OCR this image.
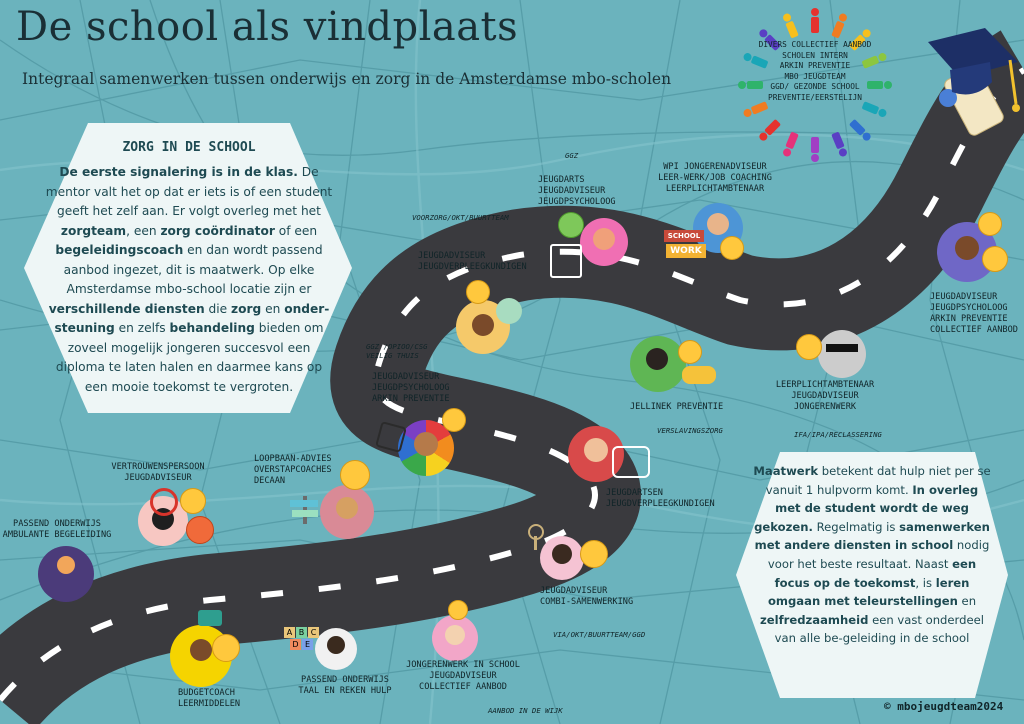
De school als vindplaats
Integraal samenwerken tussen onderwijs en zorg in de Amsterdamse mbo-scholen
DIVERS COLLECTIEF AANBOD
SCHOLEN INTERN
ARKIN PREVENTIE
MBO JEUGDTEAM
GGD/ GEZONDE SCHOOL
PREVENTIE/EERSTELIJN
ZORG IN DE SCHOOL

De eerste signalering is in de klas. De mentor valt het op dat er iets is of een student geeft het zelf aan. Er volgt overleg met het zorgteam, een zorg coördinator of een begeleidingscoach en dan wordt passend aanbod ingezet, dit is maatwerk. Op elke Amsterdamse mbo-school locatie zijn er verschillende diensten die zorg en onder-steuning en zelfs behandeling bieden om zoveel mogelijk jongeren succesvol een diploma te laten halen en daarmee kans op een mooie toekomst te vergroten.

Maatwerk betekent dat hulp niet per se vanuit 1 hulpvorm komt. In overleg met de student wordt de weg gekozen. Regelmatig is samenwerken met andere diensten in school nodig voor het beste resultaat. Naast een focus op de toekomst, is leren omgaan met teleurstellingen en zelfredzaamheid een vast onderdeel van alle be-geleiding in de school

A B C
D E
SCHOOL
WORK
PASSEND ONDERWIJS
AMBULANTE BEGELEIDING
BUDGETCOACH
LEERMIDDELEN
PASSEND ONDERWIJS
TAAL EN REKEN HULP
JONGERENWERK IN SCHOOL
JEUGDADVISEUR
COLLECTIEF AANBOD
AANBOD IN DE WIJK
VERTROUWENSPERSOON
JEUGDADVISEUR
LOOPBAAN-ADVIES
OVERSTAPCOACHES
DECAAN
JEUGDADVISEUR
JEUGDPSYCHOLOOG
ARKIN PREVENTIE
GGZ /OPIOO/CSG
VEILIG THUIS
JEUGDADVISEUR
JEUGDVERPLEEGKUNDIGEN
VOORZORG/OKT/BUURTTEAM
JEUGDARTS
JEUGDADVISEUR
JEUGDPSYCHOLOOG
GGZ
WPI JONGERENADVISEUR
LEER-WERK/JOB COACHING
LEERPLICHTAMBTENAAR
JELLINEK PREVENTIE
VERSLAVINGSZORG
JEUGDARTSEN
JEUGDVERPLEEGKUNDIGEN
JEUGDADVISEUR
COMBI-SAMENWERKING
VIA/OKT/BUURTTEAM/GGD
LEERPLICHTAMBTENAAR
JEUGDADVISEUR
JONGERENWERK
IFA/IPA/RECLASSERING
JEUGDADVISEUR
JEUGDPSYCHOLOOG
ARKIN PREVENTIE
COLLECTIEF AANBOD
© mbojeugdteam2024
